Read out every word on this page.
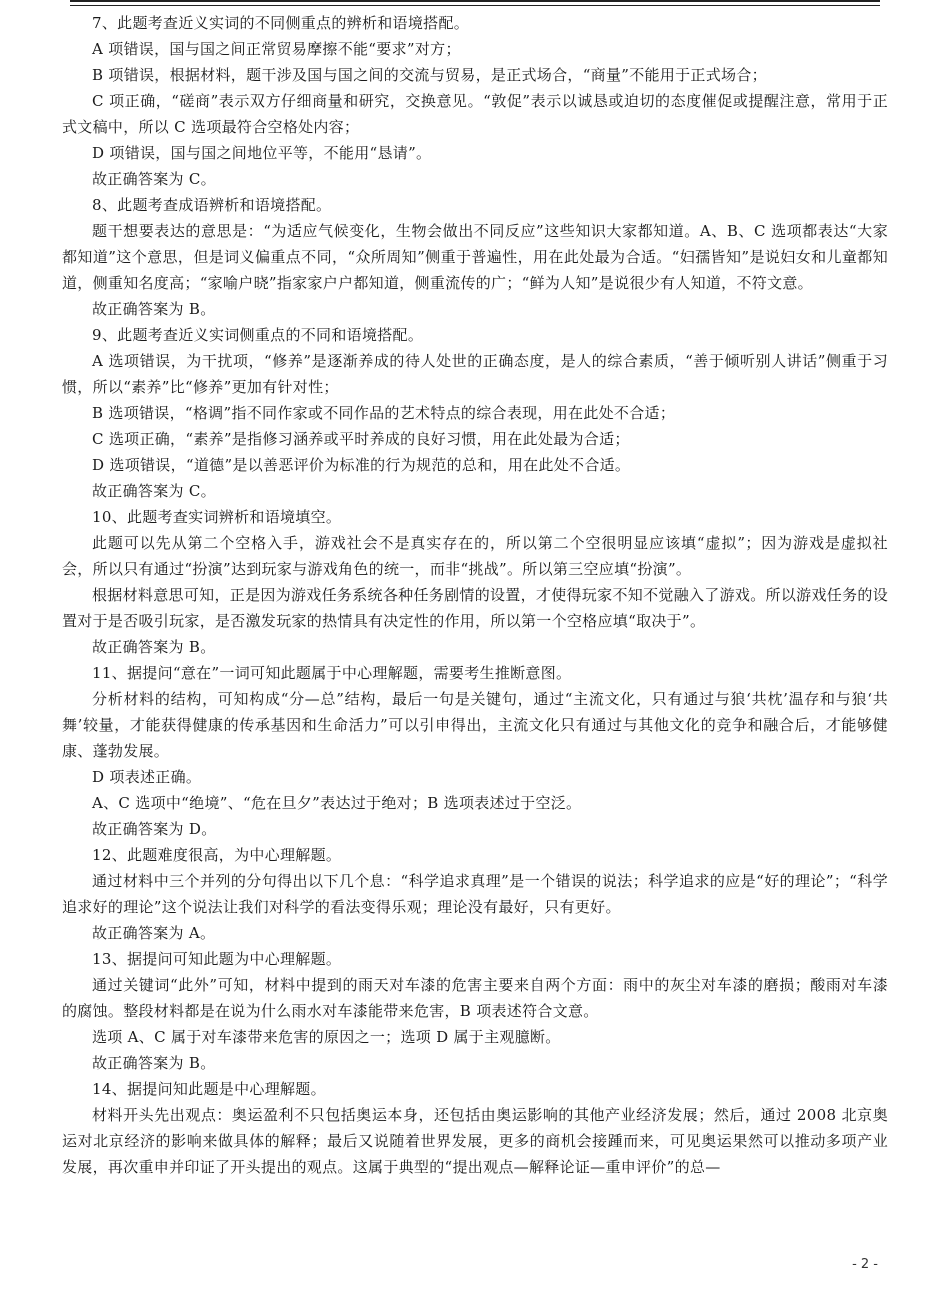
7、此题考查近义实词的不同侧重点的辨析和语境搭配。

A 项错误，国与国之间正常贸易摩擦不能“要求”对方；

B 项错误，根据材料，题干涉及国与国之间的交流与贸易，是正式场合，“商量”不能用于正式场合；

C 项正确，“磋商”表示双方仔细商量和研究，交换意见。“敦促”表示以诚恳或迫切的态度催促或提醒注意，常用于正式文稿中，所以 C 选项最符合空格处内容；

D 项错误，国与国之间地位平等，不能用“恳请”。

故正确答案为 C。

8、此题考查成语辨析和语境搭配。

题干想要表达的意思是：“为适应气候变化，生物会做出不同反应”这些知识大家都知道。A、B、C 选项都表达“大家都知道”这个意思，但是词义偏重点不同，“众所周知”侧重于普遍性，用在此处最为合适。“妇孺皆知”是说妇女和儿童都知道，侧重知名度高；“家喻户晓”指家家户户都知道，侧重流传的广；“鲜为人知”是说很少有人知道，不符文意。

故正确答案为 B。

9、此题考查近义实词侧重点的不同和语境搭配。

A 选项错误，为干扰项，“修养”是逐渐养成的待人处世的正确态度，是人的综合素质，“善于倾听别人讲话”侧重于习惯，所以“素养”比“修养”更加有针对性；

B 选项错误，“格调”指不同作家或不同作品的艺术特点的综合表现，用在此处不合适；

C 选项正确，“素养”是指修习涵养或平时养成的良好习惯，用在此处最为合适；

D 选项错误，“道德”是以善恶评价为标准的行为规范的总和，用在此处不合适。

故正确答案为 C。

10、此题考查实词辨析和语境填空。

此题可以先从第二个空格入手，游戏社会不是真实存在的，所以第二个空很明显应该填“虚拟”；因为游戏是虚拟社会，所以只有通过“扮演”达到玩家与游戏角色的统一，而非“挑战”。所以第三空应填“扮演”。

根据材料意思可知，正是因为游戏任务系统各种任务剧情的设置，才使得玩家不知不觉融入了游戏。所以游戏任务的设置对于是否吸引玩家，是否激发玩家的热情具有决定性的作用，所以第一个空格应填“取决于”。

故正确答案为 B。

11、据提问“意在”一词可知此题属于中心理解题，需要考生推断意图。

分析材料的结构，可知构成“分—总”结构，最后一句是关键句，通过“主流文化，只有通过与狼‘共枕’温存和与狼‘共舞’较量，才能获得健康的传承基因和生命活力”可以引申得出，主流文化只有通过与其他文化的竞争和融合后，才能够健康、蓬勃发展。

D 项表述正确。

A、C 选项中“绝境”、“危在旦夕”表达过于绝对；B 选项表述过于空泛。

故正确答案为 D。

12、此题难度很高，为中心理解题。

通过材料中三个并列的分句得出以下几个息：“科学追求真理”是一个错误的说法；科学追求的应是“好的理论”；“科学追求好的理论”这个说法让我们对科学的看法变得乐观；理论没有最好，只有更好。

故正确答案为 A。

13、据提问可知此题为中心理解题。

通过关键词“此外”可知，材料中提到的雨天对车漆的危害主要来自两个方面：雨中的灰尘对车漆的磨损；酸雨对车漆的腐蚀。整段材料都是在说为什么雨水对车漆能带来危害，B 项表述符合文意。

选项 A、C 属于对车漆带来危害的原因之一；选项 D 属于主观臆断。

故正确答案为 B。

14、据提问知此题是中心理解题。

材料开头先出观点：奥运盈利不只包括奥运本身，还包括由奥运影响的其他产业经济发展；然后，通过 2008 北京奥运对北京经济的影响来做具体的解释；最后又说随着世界发展，更多的商机会接踵而来，可见奥运果然可以推动多项产业发展，再次重申并印证了开头提出的观点。这属于典型的“提出观点—解释论证—重申评价”的总—

- 2 -
